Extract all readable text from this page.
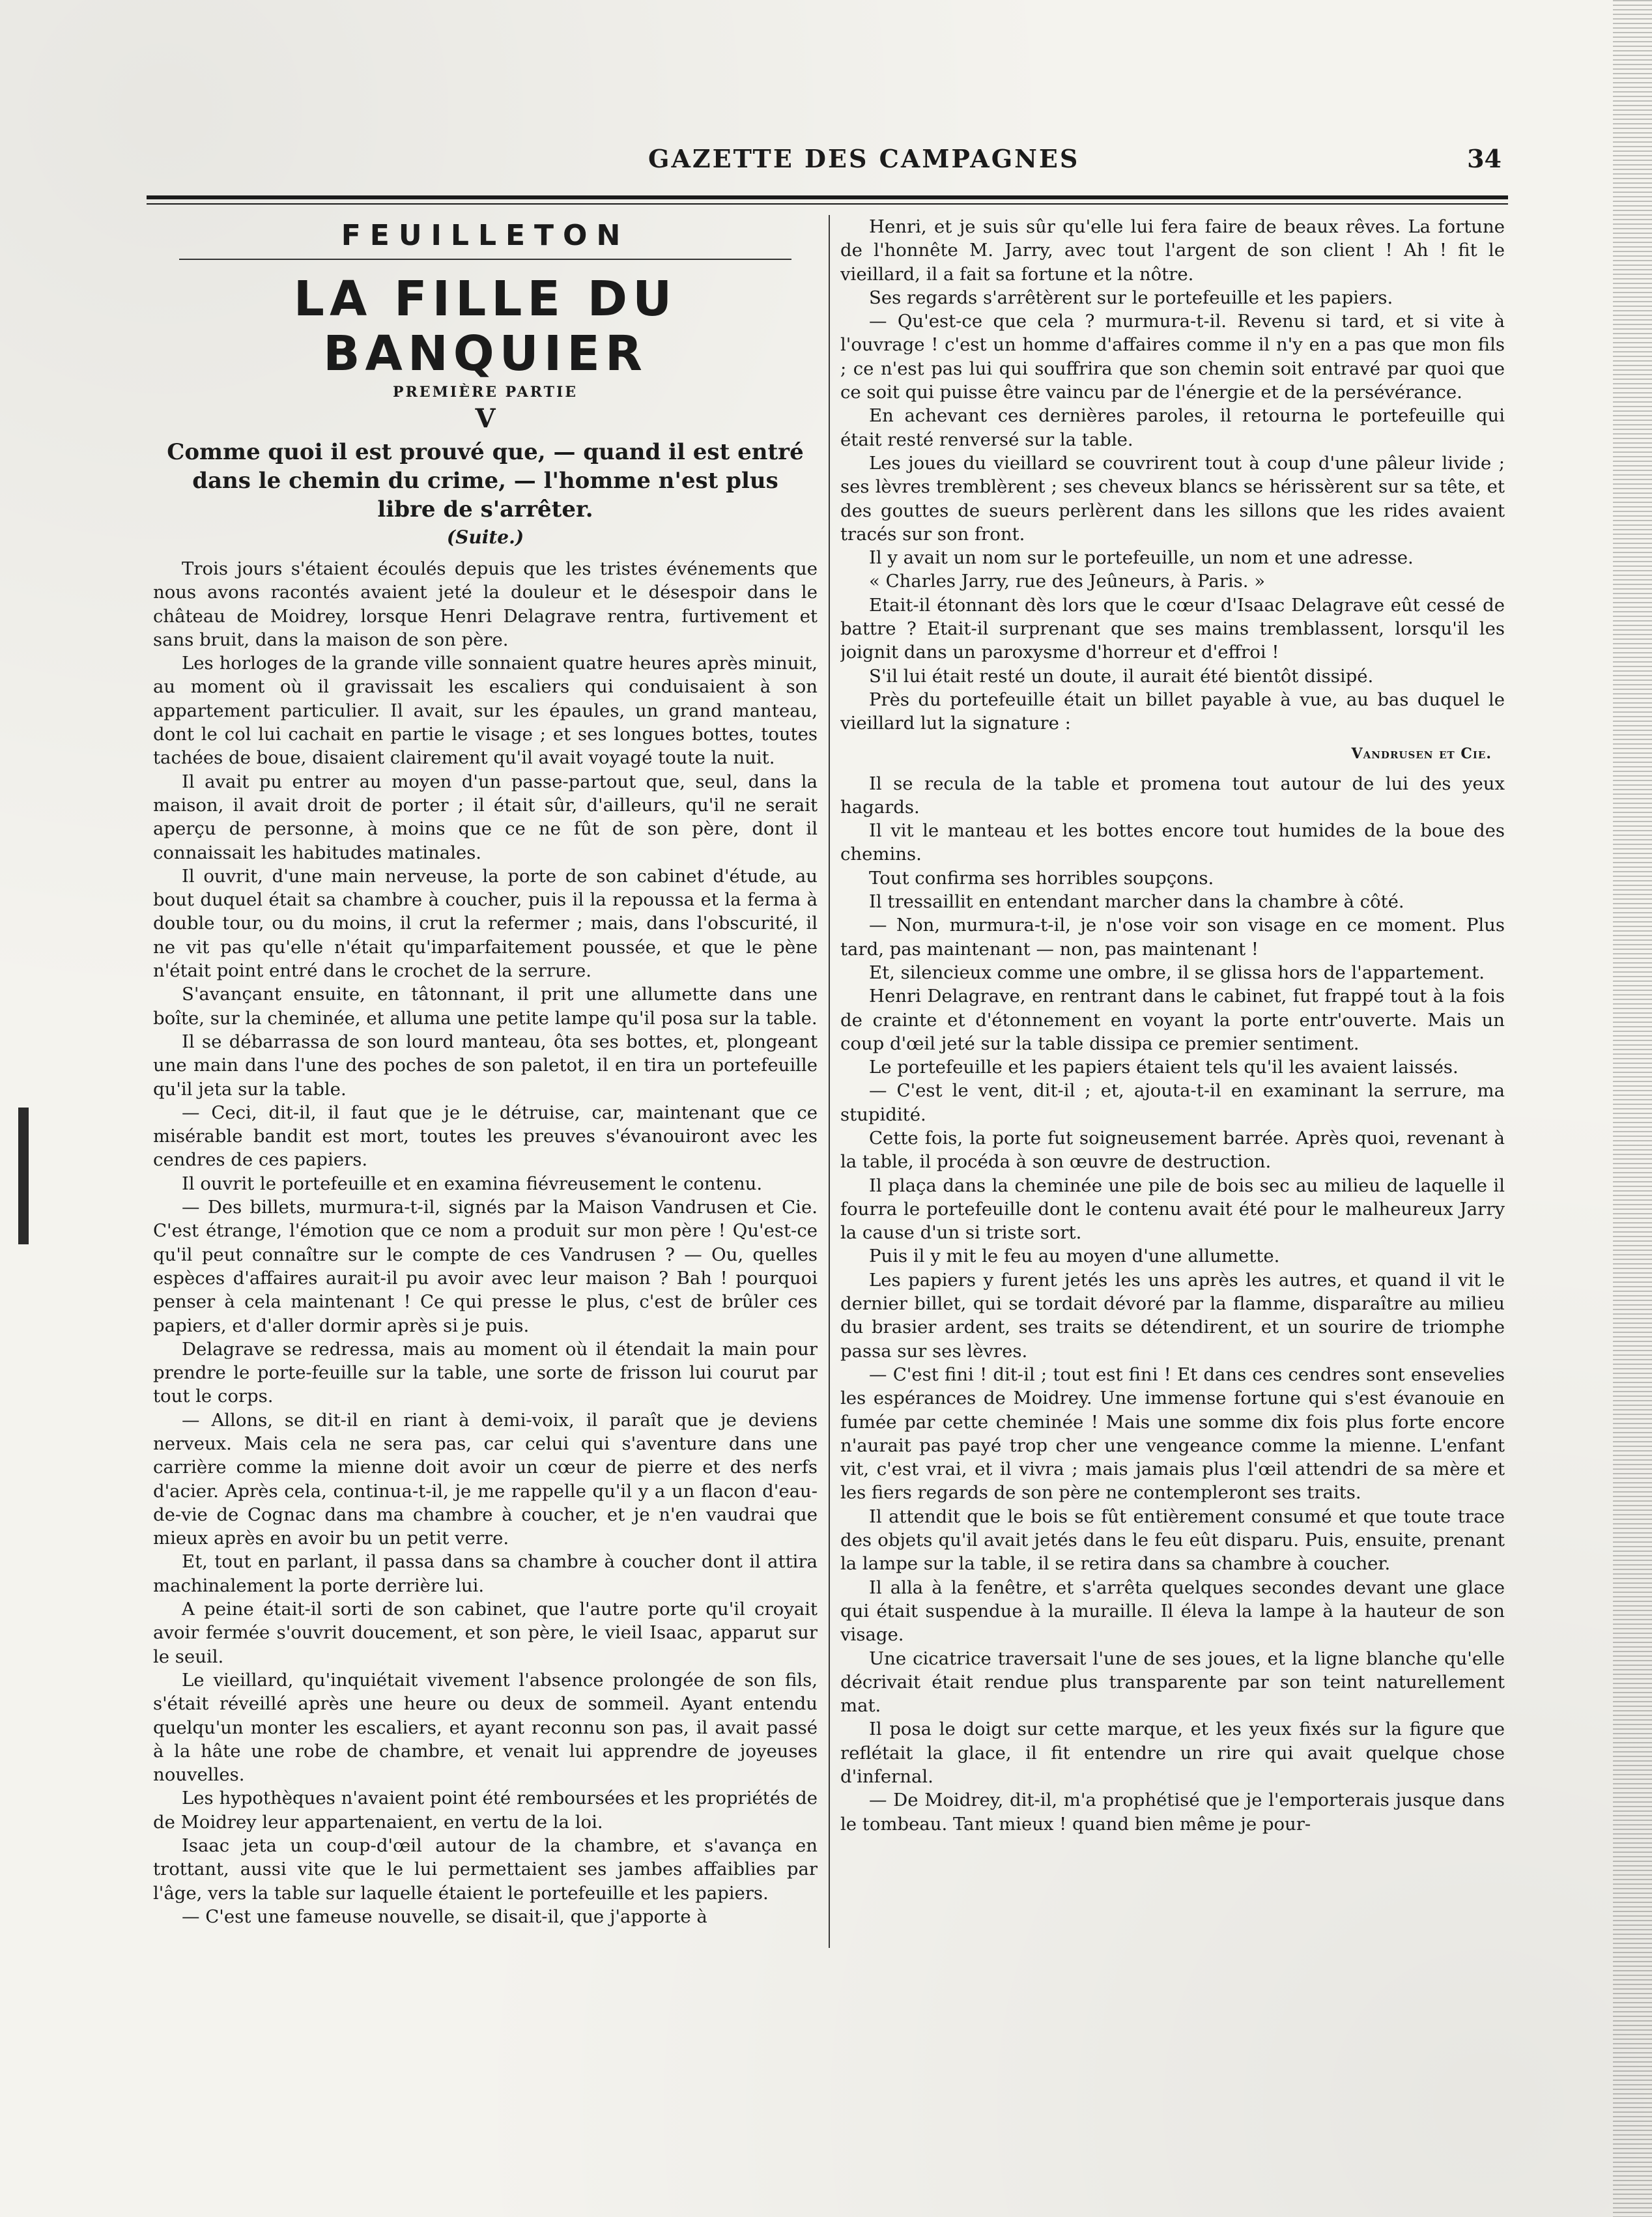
GAZETTE DES CAMPAGNES	34
FEUILLETON
LA FILLE DU BANQUIER
PREMIÈRE PARTIE
V
Comme quoi il est prouvé que, — quand il est entré dans le chemin du crime, — l'homme n'est plus libre de s'arrêter.
(Suite.)

Trois jours s'étaient écoulés depuis que les tristes événements que nous avons racontés avaient jeté la douleur et le désespoir dans le château de Moidrey, lorsque Henri Delagrave rentra, furtivement et sans bruit, dans la maison de son père.

Les horloges de la grande ville sonnaient quatre heures après minuit, au moment où il gravissait les escaliers qui conduisaient à son appartement particulier. Il avait, sur les épaules, un grand manteau, dont le col lui cachait en partie le visage ; et ses longues bottes, toutes tachées de boue, disaient clairement qu'il avait voyagé toute la nuit.

Il avait pu entrer au moyen d'un passe-partout que, seul, dans la maison, il avait droit de porter ; il était sûr, d'ailleurs, qu'il ne serait aperçu de personne, à moins que ce ne fût de son père, dont il connaissait les habitudes matinales.

Il ouvrit, d'une main nerveuse, la porte de son cabinet d'étude, au bout duquel était sa chambre à coucher, puis il la repoussa et la ferma à double tour, ou du moins, il crut la refermer ; mais, dans l'obscurité, il ne vit pas qu'elle n'était qu'imparfaitement poussée, et que le pène n'était point entré dans le crochet de la serrure.

S'avançant ensuite, en tâtonnant, il prit une allumette dans une boîte, sur la cheminée, et alluma une petite lampe qu'il posa sur la table.

Il se débarrassa de son lourd manteau, ôta ses bottes, et, plongeant une main dans l'une des poches de son paletot, il en tira un portefeuille qu'il jeta sur la table.

— Ceci, dit-il, il faut que je le détruise, car, maintenant que ce misérable bandit est mort, toutes les preuves s'évanouiront avec les cendres de ces papiers.

Il ouvrit le portefeuille et en examina fiévreusement le contenu.

— Des billets, murmura-t-il, signés par la Maison Vandrusen et Cie. C'est étrange, l'émotion que ce nom a produit sur mon père ! Qu'est-ce qu'il peut connaître sur le compte de ces Vandrusen ? — Ou, quelles espèces d'affaires aurait-il pu avoir avec leur maison ? Bah ! pourquoi penser à cela maintenant ! Ce qui presse le plus, c'est de brûler ces papiers, et d'aller dormir après si je puis.

Delagrave se redressa, mais au moment où il étendait la main pour prendre le porte-feuille sur la table, une sorte de frisson lui courut par tout le corps.

— Allons, se dit-il en riant à demi-voix, il paraît que je deviens nerveux. Mais cela ne sera pas, car celui qui s'aventure dans une carrière comme la mienne doit avoir un cœur de pierre et des nerfs d'acier. Après cela, continua-t-il, je me rappelle qu'il y a un flacon d'eau-de-vie de Cognac dans ma chambre à coucher, et je n'en vaudrai que mieux après en avoir bu un petit verre.

Et, tout en parlant, il passa dans sa chambre à coucher dont il attira machinalement la porte derrière lui.

A peine était-il sorti de son cabinet, que l'autre porte qu'il croyait avoir fermée s'ouvrit doucement, et son père, le vieil Isaac, apparut sur le seuil.

Le vieillard, qu'inquiétait vivement l'absence prolongée de son fils, s'était réveillé après une heure ou deux de sommeil. Ayant entendu quelqu'un monter les escaliers, et ayant reconnu son pas, il avait passé à la hâte une robe de chambre, et venait lui apprendre de joyeuses nouvelles.

Les hypothèques n'avaient point été remboursées et les propriétés de de Moidrey leur appartenaient, en vertu de la loi.

Isaac jeta un coup-d'œil autour de la chambre, et s'avança en trottant, aussi vite que le lui permettaient ses jambes affaiblies par l'âge, vers la table sur laquelle étaient le portefeuille et les papiers.

— C'est une fameuse nouvelle, se disait-il, que j'apporte à

Henri, et je suis sûr qu'elle lui fera faire de beaux rêves. La fortune de l'honnête M. Jarry, avec tout l'argent de son client ! Ah ! fit le vieillard, il a fait sa fortune et la nôtre.

Ses regards s'arrêtèrent sur le portefeuille et les papiers.

— Qu'est-ce que cela ? murmura-t-il. Revenu si tard, et si vite à l'ouvrage ! c'est un homme d'affaires comme il n'y en a pas que mon fils ; ce n'est pas lui qui souffrira que son chemin soit entravé par quoi que ce soit qui puisse être vaincu par de l'énergie et de la persévérance.

En achevant ces dernières paroles, il retourna le portefeuille qui était resté renversé sur la table.

Les joues du vieillard se couvrirent tout à coup d'une pâleur livide ; ses lèvres tremblèrent ; ses cheveux blancs se hérissèrent sur sa tête, et des gouttes de sueurs perlèrent dans les sillons que les rides avaient tracés sur son front.

Il y avait un nom sur le portefeuille, un nom et une adresse.

« Charles Jarry, rue des Jeûneurs, à Paris. »

Etait-il étonnant dès lors que le cœur d'Isaac Delagrave eût cessé de battre ? Etait-il surprenant que ses mains tremblassent, lorsqu'il les joignit dans un paroxysme d'horreur et d'effroi !

S'il lui était resté un doute, il aurait été bientôt dissipé.

Près du portefeuille était un billet payable à vue, au bas duquel le vieillard lut la signature :

Vandrusen et Cie.

Il se recula de la table et promena tout autour de lui des yeux hagards.

Il vit le manteau et les bottes encore tout humides de la boue des chemins.

Tout confirma ses horribles soupçons.

Il tressaillit en entendant marcher dans la chambre à côté.

— Non, murmura-t-il, je n'ose voir son visage en ce moment. Plus tard, pas maintenant — non, pas maintenant !

Et, silencieux comme une ombre, il se glissa hors de l'appartement.

Henri Delagrave, en rentrant dans le cabinet, fut frappé tout à la fois de crainte et d'étonnement en voyant la porte entr'ouverte. Mais un coup d'œil jeté sur la table dissipa ce premier sentiment.

Le portefeuille et les papiers étaient tels qu'il les avaient laissés.

— C'est le vent, dit-il ; et, ajouta-t-il en examinant la serrure, ma stupidité.

Cette fois, la porte fut soigneusement barrée. Après quoi, revenant à la table, il procéda à son œuvre de destruction.

Il plaça dans la cheminée une pile de bois sec au milieu de laquelle il fourra le portefeuille dont le contenu avait été pour le malheureux Jarry la cause d'un si triste sort.

Puis il y mit le feu au moyen d'une allumette.

Les papiers y furent jetés les uns après les autres, et quand il vit le dernier billet, qui se tordait dévoré par la flamme, disparaître au milieu du brasier ardent, ses traits se détendirent, et un sourire de triomphe passa sur ses lèvres.

— C'est fini ! dit-il ; tout est fini ! Et dans ces cendres sont ensevelies les espérances de Moidrey. Une immense fortune qui s'est évanouie en fumée par cette cheminée ! Mais une somme dix fois plus forte encore n'aurait pas payé trop cher une vengeance comme la mienne. L'enfant vit, c'est vrai, et il vivra ; mais jamais plus l'œil attendri de sa mère et les fiers regards de son père ne contempleront ses traits.

Il attendit que le bois se fût entièrement consumé et que toute trace des objets qu'il avait jetés dans le feu eût disparu. Puis, ensuite, prenant la lampe sur la table, il se retira dans sa chambre à coucher.

Il alla à la fenêtre, et s'arrêta quelques secondes devant une glace qui était suspendue à la muraille. Il éleva la lampe à la hauteur de son visage.

Une cicatrice traversait l'une de ses joues, et la ligne blanche qu'elle décrivait était rendue plus transparente par son teint naturellement mat.

Il posa le doigt sur cette marque, et les yeux fixés sur la figure que reflétait la glace, il fit entendre un rire qui avait quelque chose d'infernal.

— De Moidrey, dit-il, m'a prophétisé que je l'emporterais jusque dans le tombeau. Tant mieux ! quand bien même je pour-
